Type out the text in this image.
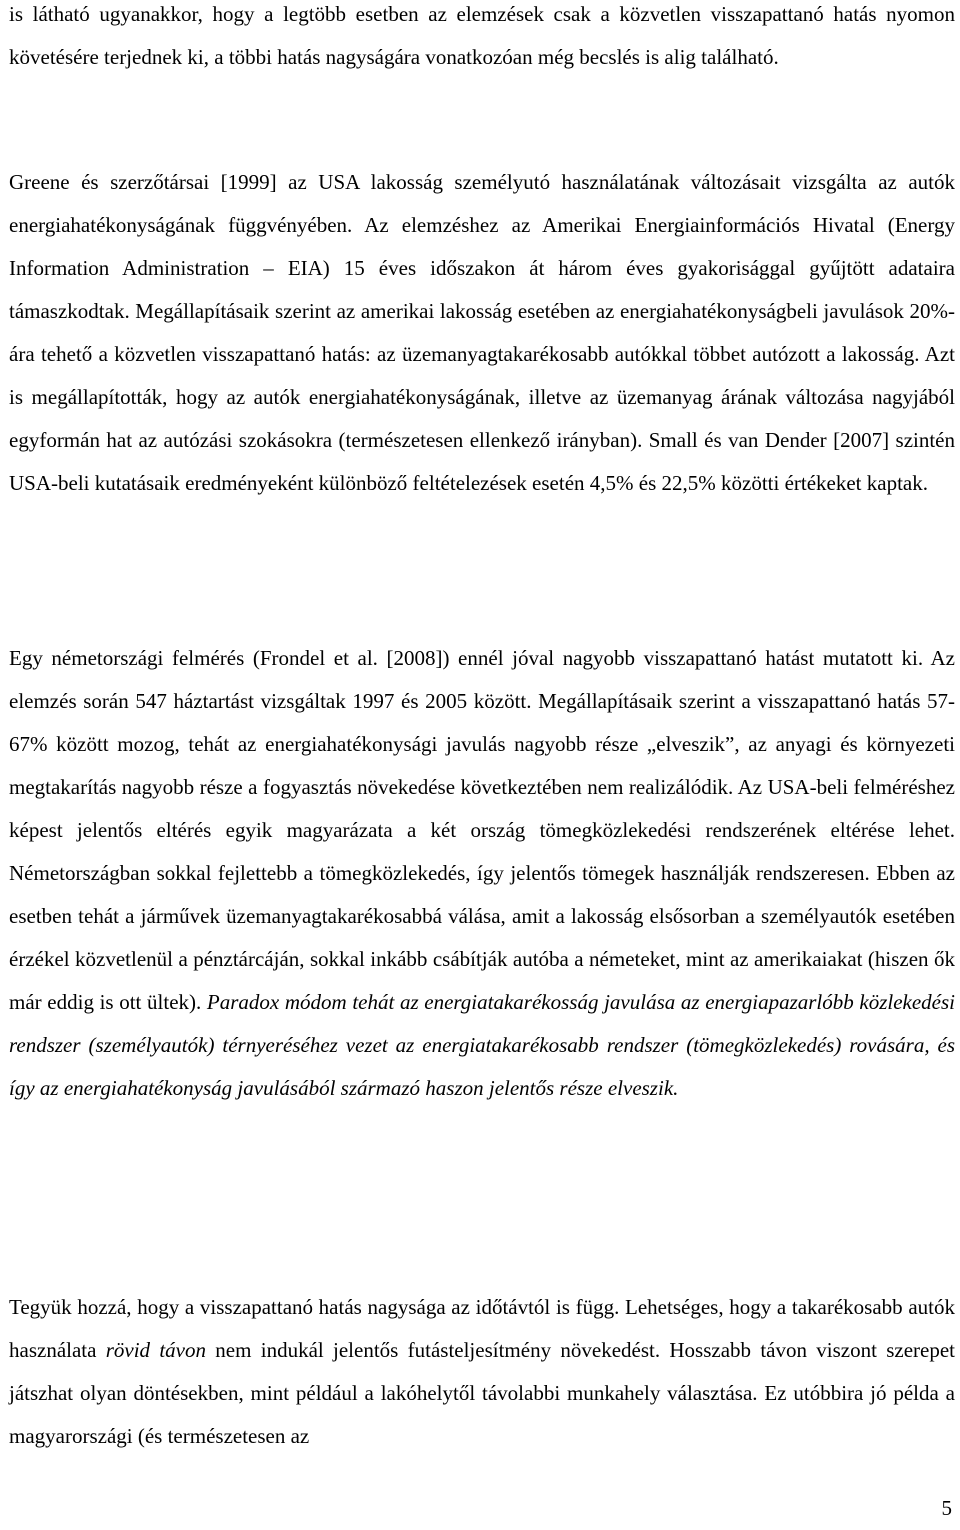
is látható ugyanakkor, hogy a legtöbb esetben az elemzések csak a közvetlen visszapattanó hatás nyomon követésére terjednek ki, a többi hatás nagyságára vonatkozóan még becslés is alig található.

Greene és szerzőtársai [1999] az USA lakosság személyutó használatának változásait vizsgálta az autók energiahatékonyságának függvényében. Az elemzéshez az Amerikai Energiainformációs Hivatal (Energy Information Administration – EIA) 15 éves időszakon át három éves gyakorisággal gyűjtött adataira támaszkodtak. Megállapításaik szerint az amerikai lakosság esetében az energiahatékonyságbeli javulások 20%-ára tehető a közvetlen visszapattanó hatás: az üzemanyagtakarékosabb autókkal többet autózott a lakosság. Azt is megállapították, hogy az autók energiahatékonyságának, illetve az üzemanyag árának változása nagyjából egyformán hat az autózási szokásokra (természetesen ellenkező irányban). Small és van Dender [2007] szintén USA-beli kutatásaik eredményeként különböző feltételezések esetén 4,5% és 22,5% közötti értékeket kaptak.

Egy németországi felmérés (Frondel et al. [2008]) ennél jóval nagyobb visszapattanó hatást mutatott ki. Az elemzés során 547 háztartást vizsgáltak 1997 és 2005 között. Megállapításaik szerint a visszapattanó hatás 57-67% között mozog, tehát az energiahatékonysági javulás nagyobb része „elveszik”, az anyagi és környezeti megtakarítás nagyobb része a fogyasztás növekedése következtében nem realizálódik. Az USA-beli felméréshez képest jelentős eltérés egyik magyarázata a két ország tömegközlekedési rendszerének eltérése lehet. Németországban sokkal fejlettebb a tömegközlekedés, így jelentős tömegek használják rendszeresen. Ebben az esetben tehát a járművek üzemanyagtakarékosabbá válása, amit a lakosság elsősorban a személyautók esetében érzékel közvetlenül a pénztárcáján, sokkal inkább csábítják autóba a németeket, mint az amerikaiakat (hiszen ők már eddig is ott ültek). Paradox módom tehát az energiatakarékosság javulása az energiapazarlóbb közlekedési rendszer (személyautók) térnyeréséhez vezet az energiatakarékosabb rendszer (tömegközlekedés) rovására, és így az energiahatékonyság javulásából származó haszon jelentős része elveszik.

Tegyük hozzá, hogy a visszapattanó hatás nagysága az időtávtól is függ. Lehetséges, hogy a takarékosabb autók használata rövid távon nem indukál jelentős futásteljesítmény növekedést. Hosszabb távon viszont szerepet játszhat olyan döntésekben, mint például a lakóhelytől távolabbi munkahely választása. Ez utóbbira jó példa a magyarországi (és természetesen az

5
